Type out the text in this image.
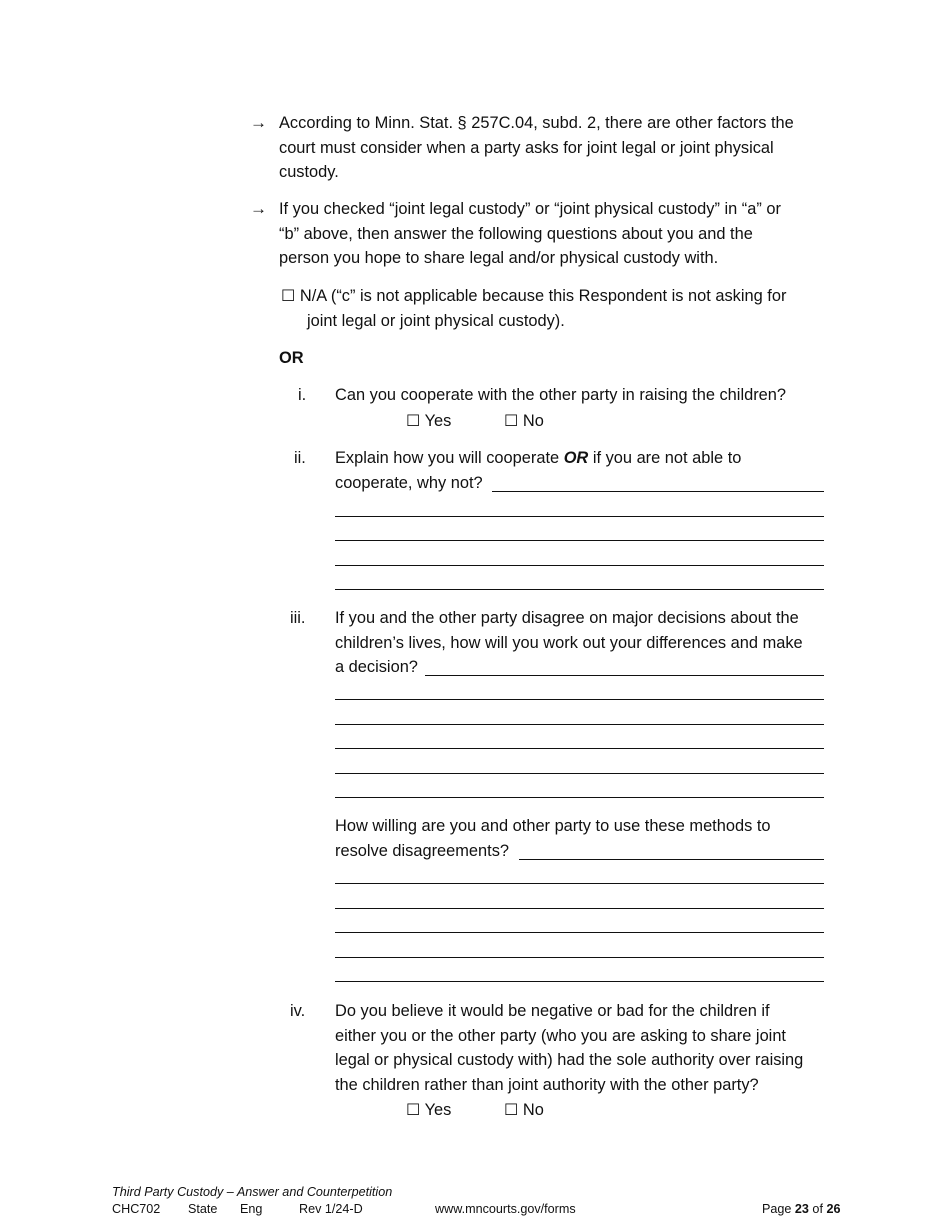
→ According to Minn. Stat. § 257C.04, subd. 2, there are other factors the
court must consider when a party asks for joint legal or joint physical
custody.
→ If you checked “joint legal custody” or “joint physical custody” in “a” or
“b” above, then answer the following questions about you and the
person you hope to share legal and/or physical custody with.
☐ N/A (“c” is not applicable because this Respondent is not asking for
joint legal or joint physical custody).
OR
i. Can you cooperate with the other party in raising the children?
☐ Yes	☐ No
ii. Explain how you will cooperate OR if you are not able to
cooperate, why not?
iii. If you and the other party disagree on major decisions about the
children’s lives, how will you work out your differences and make
a decision?
How willing are you and other party to use these methods to
resolve disagreements?
iv. Do you believe it would be negative or bad for the children if
either you or the other party (who you are asking to share joint
legal or physical custody with) had the sole authority over raising
the children rather than joint authority with the other party?
☐ Yes	☐ No
Third Party Custody – Answer and Counterpetition
CHC702 State Eng	Rev 1/24-D	www.mncourts.gov/forms	Page 23 of 26
